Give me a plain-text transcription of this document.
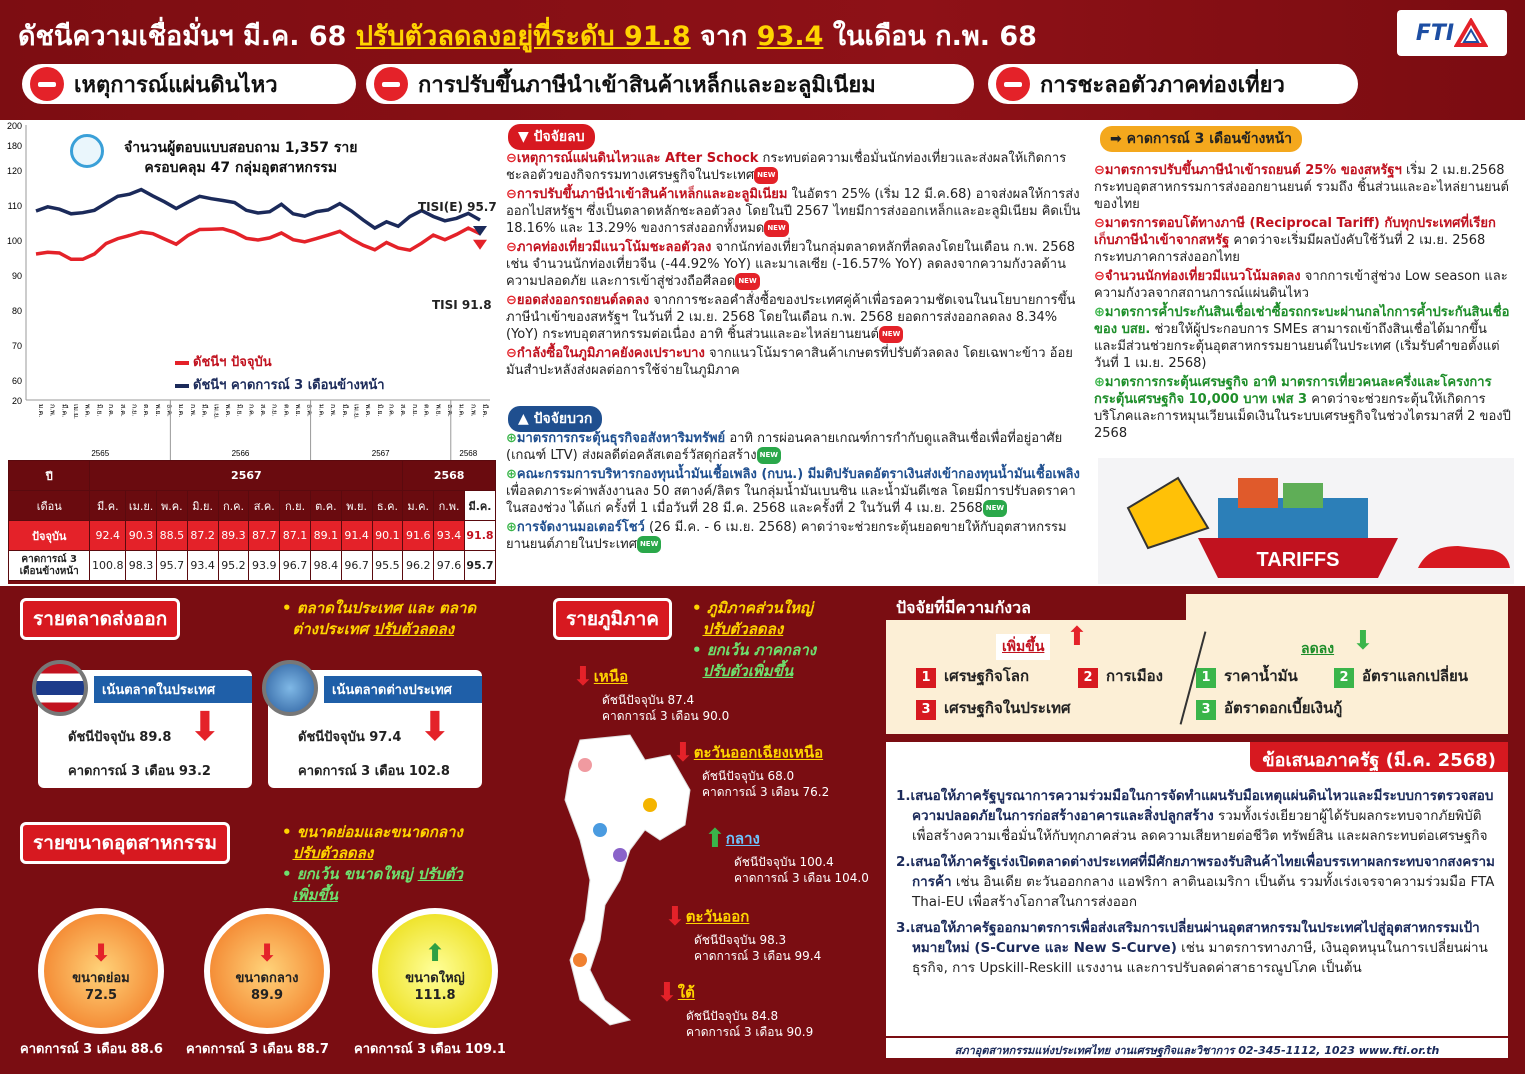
ดัชนีความเชื่อมั่นฯ มี.ค. 68 ปรับตัวลดลงอยู่ที่ระดับ 91.8 จาก 93.4 ในเดือน ก.พ. 68	FTI
เหตุการณ์แผ่นดินไหว	การปรับขึ้นภาษีนำเข้าสินค้าเหล็กและอะลูมิเนียม	การชะลอตัวภาคท่องเที่ยว
200
180
120
110
100
90
80
70
60
20
ม.ค. ก.พ. มี.ค. เม.ย. พ.ค. มิ.ย. ก.ค. ส.ค. ก.ย. ต.ค. พ.ย. ธ.ค. ม.ค. ก.พ. มี.ค. เม.ย. พ.ค. มิ.ย. ก.ค. ส.ค. ก.ย. ต.ค. พ.ย. ธ.ค. ม.ค. ก.พ. มี.ค. เม.ย. พ.ค. มิ.ย. ก.ค. ส.ค. ก.ย. ต.ค. พ.ย. ธ.ค. ม.ค. ก.พ. มี.ค.
2565	2566	2567	2568
จำนวนผู้ตอบแบบสอบถาม 1,357 ราย
ครอบคลุม 47 กลุ่มอุตสาหกรรม
TISI(E) 95.7
TISI 91.8
ดัชนีฯ ปัจจุบัน
ดัชนีฯ คาดการณ์ 3 เดือนข้างหน้า
ปี	2567										2568		
เดือน	มี.ค.	เม.ย.	พ.ค.	มิ.ย.	ก.ค.	ส.ค.	ก.ย.	ต.ค.	พ.ย.	ธ.ค.	ม.ค.	ก.พ.	มี.ค.
ปัจจุบัน	92.4	90.3	88.5	87.2	89.3	87.7	87.1	89.1	91.4	90.1	91.6	93.4	91.8
คาดการณ์ 3 เดือนข้างหน้า	100.8	98.3	95.7	93.4	95.2	93.9	96.7	98.4	96.7	95.5	96.2	97.6	95.7
▼ ปัจจัยลบ
⊖เหตุการณ์แผ่นดินไหวและ After Schock กระทบต่อความเชื่อมั่นนักท่องเที่ยวและส่งผลให้เกิดการชะลอตัวของกิจกรรมทางเศรษฐกิจในประเทศ NEW
⊖การปรับขึ้นภาษีนำเข้าสินค้าเหล็กและอะลูมิเนียม ในอัตรา 25% (เริ่ม 12 มี.ค.68) อาจส่งผลให้การส่งออกไปสหรัฐฯ ซึ่งเป็นตลาดหลักชะลอตัวลง โดยในปี 2567 ไทยมีการส่งออกเหล็กและอะลูมิเนียม คิดเป็น 18.16% และ 13.29% ของการส่งออกทั้งหมด NEW
⊖ภาคท่องเที่ยวมีแนวโน้มชะลอตัวลง จากนักท่องเที่ยวในกลุ่มตลาดหลักที่ลดลงโดยในเดือน ก.พ. 2568 เช่น จำนวนนักท่องเที่ยวจีน (-44.92% YoY) และมาเลเซีย (-16.57% YoY) ลดลงจากความกังวลด้านความปลอดภัย และการเข้าสู่ช่วงถือศีลอด NEW
⊖ยอดส่งออกรถยนต์ลดลง จากการชะลอคำสั่งซื้อของประเทศคู่ค้าเพื่อรอความชัดเจนในนโยบายการขึ้นภาษีนำเข้าของสหรัฐฯ ในวันที่ 2 เม.ย. 2568 โดยในเดือน ก.พ. 2568 ยอดการส่งออกลดลง 8.34% (YoY) กระทบอุตสาหกรรมต่อเนื่อง อาทิ ชิ้นส่วนและอะไหล่ยานยนต์ NEW
⊖กำลังซื้อในภูมิภาคยังคงเปราะบาง จากแนวโน้มราคาสินค้าเกษตรที่ปรับตัวลดลง โดยเฉพาะข้าว อ้อย มันสำปะหลังส่งผลต่อการใช้จ่ายในภูมิภาค
▲ ปัจจัยบวก
⊕มาตรการกระตุ้นธุรกิจอสังหาริมทรัพย์ อาทิ การผ่อนคลายเกณฑ์การกำกับดูแลสินเชื่อเพื่อที่อยู่อาศัย (เกณฑ์ LTV) ส่งผลดีต่อคลัสเตอร์วัสดุก่อสร้าง NEW
⊕คณะกรรมการบริหารกองทุนน้ำมันเชื้อเพลิง (กบน.) มีมติปรับลดอัตราเงินส่งเข้ากองทุนน้ำมันเชื้อเพลิง เพื่อลดภาระค่าพลังงานลง 50 สตางค์/ลิตร ในกลุ่มน้ำมันเบนซิน และน้ำมันดีเซล โดยมีการปรับลดราคาในสองช่วง ได้แก่ ครั้งที่ 1 เมื่อวันที่ 28 มี.ค. 2568 และครั้งที่ 2 ในวันที่ 4 เม.ย. 2568 NEW
⊕การจัดงานมอเตอร์โชว์ (26 มี.ค. - 6 เม.ย. 2568) คาดว่าจะช่วยกระตุ้นยอดขายให้กับอุตสาหกรรมยานยนต์ภายในประเทศ NEW
➡ คาดการณ์ 3 เดือนข้างหน้า
⊖มาตรการปรับขึ้นภาษีนำเข้ารถยนต์ 25% ของสหรัฐฯ เริ่ม 2 เม.ย.2568 กระทบอุตสาหกรรมการส่งออกยานยนต์ รวมถึง ชิ้นส่วนและอะไหล่ยานยนต์ของไทย
⊖มาตรการตอบโต้ทางภาษี (Reciprocal Tariff) กับทุกประเทศที่เรียกเก็บภาษีนำเข้าจากสหรัฐ คาดว่าจะเริ่มมีผลบังคับใช้วันที่ 2 เม.ย. 2568 กระทบภาคการส่งออกไทย
⊖จำนวนนักท่องเที่ยวมีแนวโน้มลดลง จากการเข้าสู่ช่วง Low season และความกังวลจากสถานการณ์แผ่นดินไหว
⊕มาตรการค้ำประกันสินเชื่อเช่าซื้อรถกระบะผ่านกลไกการค้ำประกันสินเชื่อของ บสย. ช่วยให้ผู้ประกอบการ SMEs สามารถเข้าถึงสินเชื่อได้มากขึ้น และมีส่วนช่วยกระตุ้นอุตสาหกรรมยานยนต์ในประเทศ (เริ่มรับคำขอตั้งแต่วันที่ 1 เม.ย. 2568)
⊕มาตรการกระตุ้นเศรษฐกิจ อาทิ มาตรการเที่ยวคนละครึ่งและโครงการกระตุ้นเศรษฐกิจ 10,000 บาท เฟส 3 คาดว่าจะช่วยกระตุ้นให้เกิดการบริโภคและการหมุนเวียนเม็ดเงินในระบบเศรษฐกิจในช่วงไตรมาสที่ 2 ของปี 2568
TARIFFS
รายตลาดส่งออก	• ตลาดในประเทศ และ ตลาด
ต่างประเทศ ปรับตัวลดลง
รายขนาดอุตสาหกรรม	• ขนาดย่อมและขนาดกลาง
ปรับตัวลดลง
• ยกเว้น ขนาดใหญ่ ปรับตัว
เพิ่มขึ้น
รายภูมิภาค	• ภูมิภาคส่วนใหญ่
ปรับตัวลดลง
• ยกเว้น ภาคกลาง
ปรับตัวเพิ่มขึ้น
ปัจจัยที่มีความกังวล
เพิ่มขึ้น ⬆	ลดลง ⬇
1 เศรษฐกิจโลก	2 การเมือง
3 เศรษฐกิจในประเทศ
1 ราคาน้ำมัน	2 อัตราแลกเปลี่ยน
3 อัตราดอกเบี้ยเงินกู้
ข้อเสนอภาครัฐ (มี.ค. 2568)
1.เสนอให้ภาครัฐบูรณาการความร่วมมือในการจัดทำแผนรับมือเหตุแผ่นดินไหวและมีระบบการตรวจสอบความปลอดภัยในการก่อสร้างอาคารและสิ่งปลูกสร้าง รวมทั้งเร่งเยียวยาผู้ได้รับผลกระทบจากภัยพิบัติเพื่อสร้างความเชื่อมั่นให้กับทุกภาคส่วน ลดความเสียหายต่อชีวิต ทรัพย์สิน และผลกระทบต่อเศรษฐกิจ
2.เสนอให้ภาครัฐเร่งเปิดตลาดต่างประเทศที่มีศักยภาพรองรับสินค้าไทยเพื่อบรรเทาผลกระทบจากสงครามการค้า เช่น อินเดีย ตะวันออกกลาง แอฟริกา ลาตินอเมริกา เป็นต้น รวมทั้งเร่งเจรจาความร่วมมือ FTA Thai-EU เพื่อสร้างโอกาสในการส่งออก
3.เสนอให้ภาครัฐออกมาตรการเพื่อส่งเสริมการเปลี่ยนผ่านอุตสาหกรรมในประเทศไปสู่อุตสาหกรรมเป้าหมายใหม่ (S-Curve และ New S-Curve) เช่น มาตรการทางภาษี, เงินอุดหนุนในการเปลี่ยนผ่านธุรกิจ, การ Upskill-Reskill แรงงาน และการปรับลดค่าสาธารณูปโภค เป็นต้น
สภาอุตสาหกรรมแห่งประเทศไทย งานเศรษฐกิจและวิชาการ 02-345-1112, 1023 www.fti.or.th
เน้นตลาดในประเทศ
ดัชนีปัจจุบัน 89.8
คาดการณ์ 3 เดือน 93.2
⬇
เน้นตลาดต่างประเทศ
ดัชนีปัจจุบัน 97.4
คาดการณ์ 3 เดือน 102.8
⬇
⬇
ขนาดย่อม
72.5
คาดการณ์ 3 เดือน 88.6
⬇
ขนาดกลาง
89.9
คาดการณ์ 3 เดือน 88.7
⬆
ขนาดใหญ่
111.8
คาดการณ์ 3 เดือน 109.1
⬇เหนือ
ดัชนีปัจจุบัน 87.4
คาดการณ์ 3 เดือน 90.0
⬇ตะวันออกเฉียงเหนือ
ดัชนีปัจจุบัน 68.0
คาดการณ์ 3 เดือน 76.2
⬆กลาง
ดัชนีปัจจุบัน 100.4
คาดการณ์ 3 เดือน 104.0
⬇ตะวันออก
ดัชนีปัจจุบัน 98.3
คาดการณ์ 3 เดือน 99.4
⬇ใต้
ดัชนีปัจจุบัน 84.8
คาดการณ์ 3 เดือน 90.9
